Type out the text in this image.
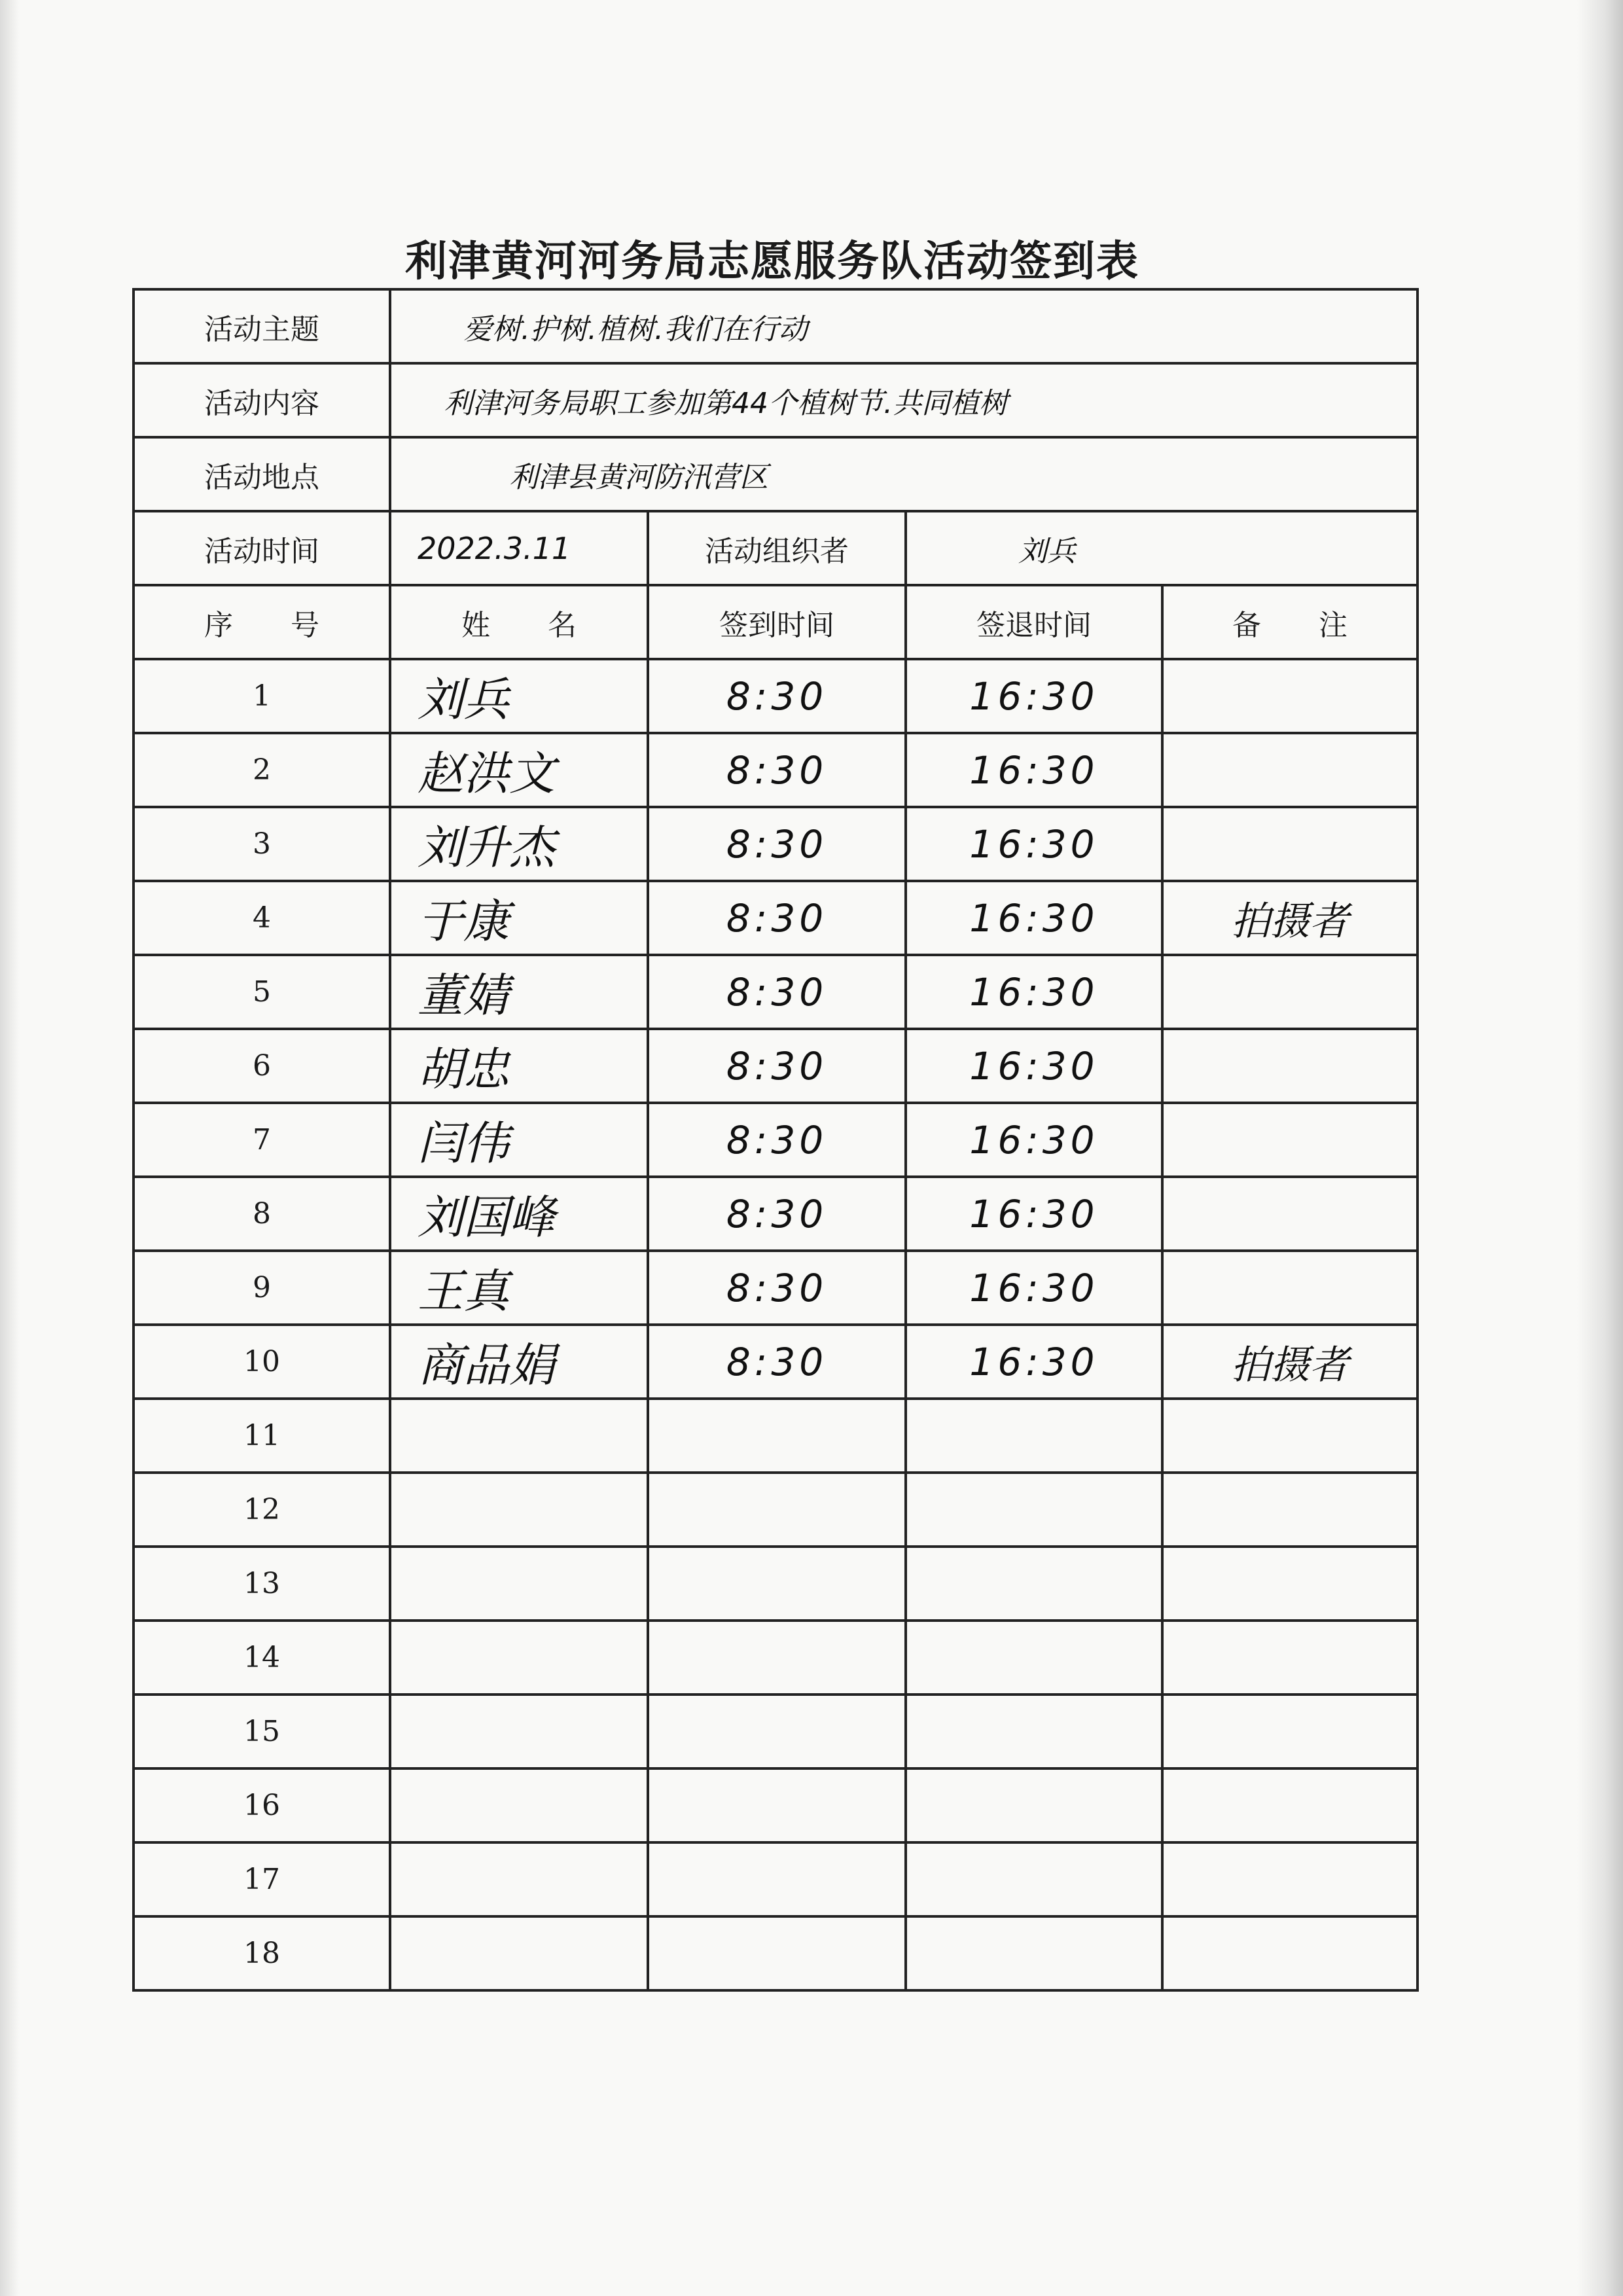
利津黄河河务局志愿服务队活动签到表
活动主题	爱树.护树.植树.我们在行动			
活动内容	利津河务局职工参加第44个植树节.共同植树			
活动地点	利津县黄河防汛营区			
活动时间	2022.3.11	活动组织者	刘兵	
序　　号	姓　　名	签到时间	签退时间	备　　注
1	刘兵	8:30	16:30	
2	赵洪文	8:30	16:30	
3	刘升杰	8:30	16:30	
4	于康	8:30	16:30	拍摄者
5	董婧	8:30	16:30	
6	胡忠	8:30	16:30	
7	闫伟	8:30	16:30	
8	刘国峰	8:30	16:30	
9	王真	8:30	16:30	
10	商品娟	8:30	16:30	拍摄者
11				
12				
13				
14				
15				
16				
17				
18				
